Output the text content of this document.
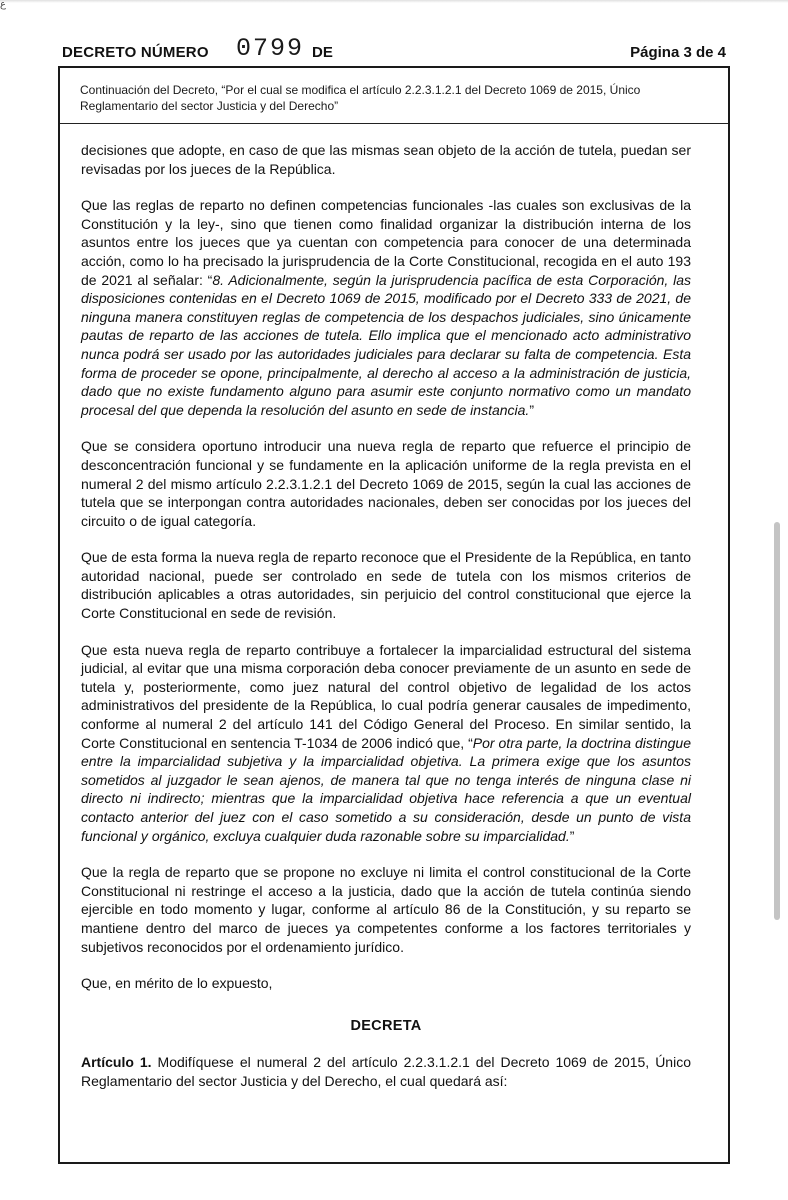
ع
DECRETO NÚMERO 0799 DE	Página 3 de 4
Continuación del Decreto, “Por el cual se modifica el artículo 2.2.3.1.2.1 del Decreto 1069 de 2015, Único Reglamentario del sector Justicia y del Derecho”

decisiones que adopte, en caso de que las mismas sean objeto de la acción de tutela, puedan ser revisadas por los jueces de la República.

Que las reglas de reparto no definen competencias funcionales -las cuales son exclusivas de la Constitución y la ley-, sino que tienen como finalidad organizar la distribución interna de los asuntos entre los jueces que ya cuentan con competencia para conocer de una determinada acción, como lo ha precisado la jurisprudencia de la Corte Constitucional, recogida en el auto 193 de 2021 al señalar: “8. Adicionalmente, según la jurisprudencia pacífica de esta Corporación, las disposiciones contenidas en el Decreto 1069 de 2015, modificado por el Decreto 333 de 2021, de ninguna manera constituyen reglas de competencia de los despachos judiciales, sino únicamente pautas de reparto de las acciones de tutela. Ello implica que el mencionado acto administrativo nunca podrá ser usado por las autoridades judiciales para declarar su falta de competencia. Esta forma de proceder se opone, principalmente, al derecho al acceso a la administración de justicia, dado que no existe fundamento alguno para asumir este conjunto normativo como un mandato procesal del que dependa la resolución del asunto en sede de instancia.”

Que se considera oportuno introducir una nueva regla de reparto que refuerce el principio de desconcentración funcional y se fundamente en la aplicación uniforme de la regla prevista en el numeral 2 del mismo artículo 2.2.3.1.2.1 del Decreto 1069 de 2015, según la cual las acciones de tutela que se interpongan contra autoridades nacionales, deben ser conocidas por los jueces del circuito o de igual categoría.

Que de esta forma la nueva regla de reparto reconoce que el Presidente de la República, en tanto autoridad nacional, puede ser controlado en sede de tutela con los mismos criterios de distribución aplicables a otras autoridades, sin perjuicio del control constitucional que ejerce la Corte Constitucional en sede de revisión.

Que esta nueva regla de reparto contribuye a fortalecer la imparcialidad estructural del sistema judicial, al evitar que una misma corporación deba conocer previamente de un asunto en sede de tutela y, posteriormente, como juez natural del control objetivo de legalidad de los actos administrativos del presidente de la República, lo cual podría generar causales de impedimento, conforme al numeral 2 del artículo 141 del Código General del Proceso. En similar sentido, la Corte Constitucional en sentencia T-1034 de 2006 indicó que, “Por otra parte, la doctrina distingue entre la imparcialidad subjetiva y la imparcialidad objetiva. La primera exige que los asuntos sometidos al juzgador le sean ajenos, de manera tal que no tenga interés de ninguna clase ni directo ni indirecto; mientras que la imparcialidad objetiva hace referencia a que un eventual contacto anterior del juez con el caso sometido a su consideración, desde un punto de vista funcional y orgánico, excluya cualquier duda razonable sobre su imparcialidad.”

Que la regla de reparto que se propone no excluye ni limita el control constitucional de la Corte Constitucional ni restringe el acceso a la justicia, dado que la acción de tutela continúa siendo ejercible en todo momento y lugar, conforme al artículo 86 de la Constitución, y su reparto se mantiene dentro del marco de jueces ya competentes conforme a los factores territoriales y subjetivos reconocidos por el ordenamiento jurídico.

Que, en mérito de lo expuesto,

DECRETA

Artículo 1. Modifíquese el numeral 2 del artículo 2.2.3.1.2.1 del Decreto 1069 de 2015, Único Reglamentario del sector Justicia y del Derecho, el cual quedará así:
